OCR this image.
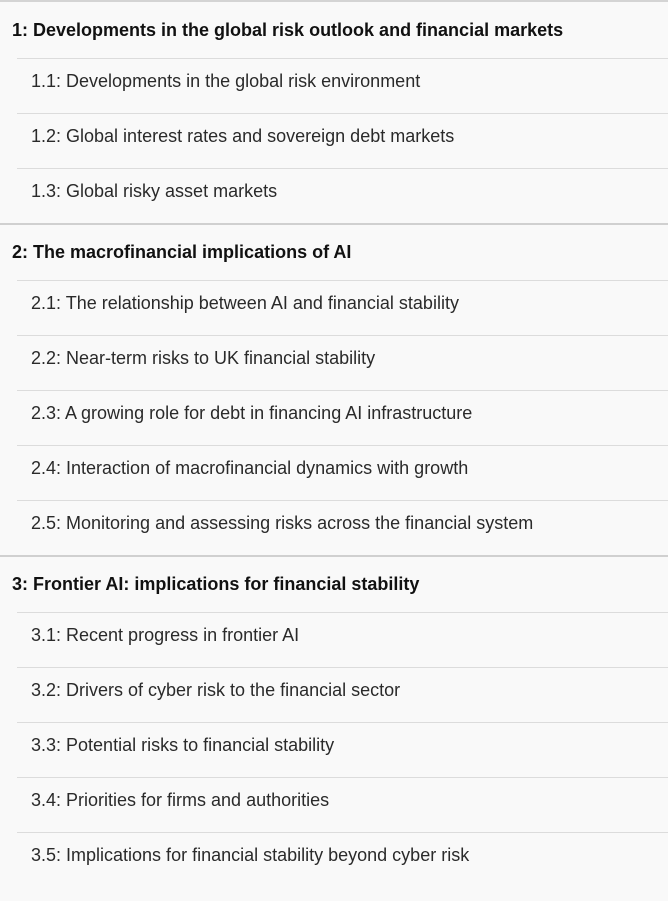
1: Developments in the global risk outlook and financial markets
1.1: Developments in the global risk environment
1.2: Global interest rates and sovereign debt markets
1.3: Global risky asset markets
2: The macrofinancial implications of AI
2.1: The relationship between AI and financial stability
2.2: Near-term risks to UK financial stability
2.3: A growing role for debt in financing AI infrastructure
2.4: Interaction of macrofinancial dynamics with growth
2.5: Monitoring and assessing risks across the financial system
3: Frontier AI: implications for financial stability
3.1: Recent progress in frontier AI
3.2: Drivers of cyber risk to the financial sector
3.3: Potential risks to financial stability
3.4: Priorities for firms and authorities
3.5: Implications for financial stability beyond cyber risk
